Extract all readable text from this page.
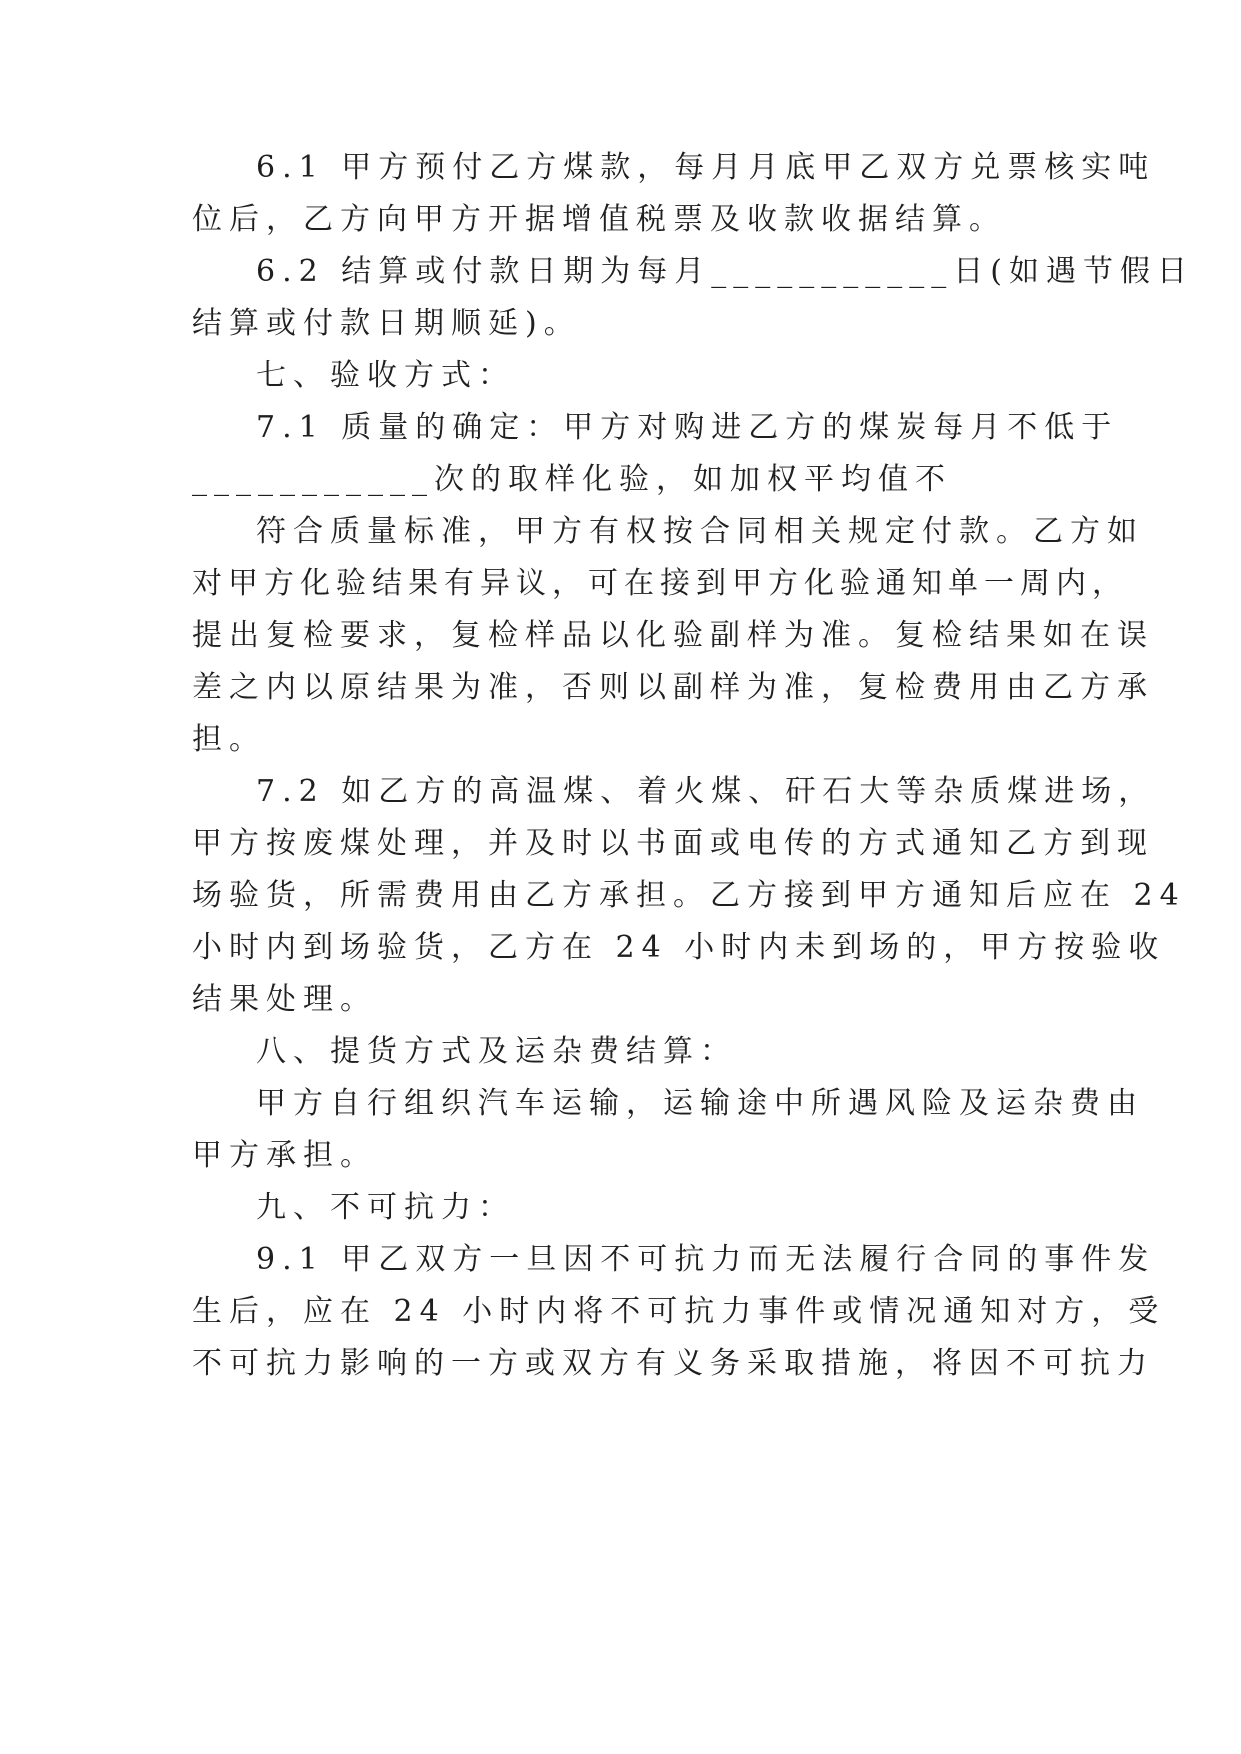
6.1 甲方预付乙方煤款，每月月底甲乙双方兑票核实吨
位后，乙方向甲方开据增值税票及收款收据结算。
6.2 结算或付款日期为每月___________日(如遇节假日
结算或付款日期顺延)。
七、验收方式：
7.1 质量的确定：甲方对购进乙方的煤炭每月不低于
___________次的取样化验，如加权平均值不
符合质量标准，甲方有权按合同相关规定付款。乙方如
对甲方化验结果有异议，可在接到甲方化验通知单一周内，
提出复检要求，复检样品以化验副样为准。复检结果如在误
差之内以原结果为准，否则以副样为准，复检费用由乙方承
担。
7.2 如乙方的高温煤、着火煤、矸石大等杂质煤进场，
甲方按废煤处理，并及时以书面或电传的方式通知乙方到现
场验货，所需费用由乙方承担。乙方接到甲方通知后应在 24
小时内到场验货，乙方在 24 小时内未到场的，甲方按验收
结果处理。
八、提货方式及运杂费结算：
甲方自行组织汽车运输，运输途中所遇风险及运杂费由
甲方承担。
九、不可抗力：
9.1 甲乙双方一旦因不可抗力而无法履行合同的事件发
生后，应在 24 小时内将不可抗力事件或情况通知对方，受
不可抗力影响的一方或双方有义务采取措施，将因不可抗力
